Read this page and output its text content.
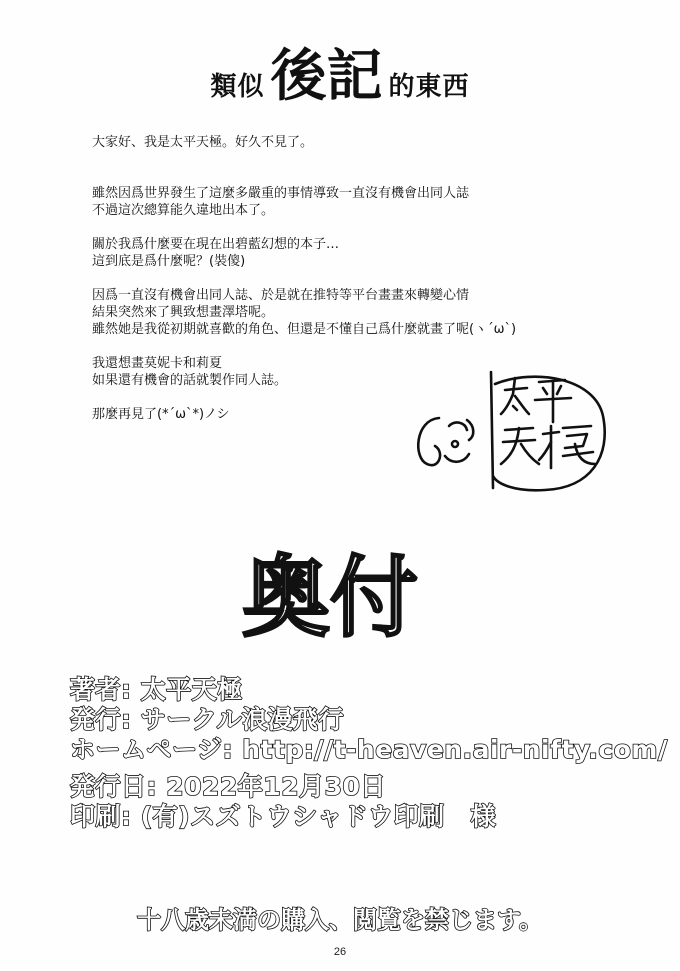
類似 後記 的東西
大家好、我是太平天極。好久不見了。
雖然因爲世界發生了這麼多嚴重的事情導致一直沒有機會出同人誌
不過這次總算能久違地出本了。
關於我爲什麼要在現在出碧藍幻想的本子…
這到底是爲什麼呢？(裝傻)
因爲一直沒有機會出同人誌、於是就在推特等平台畫畫來轉變心情
結果突然來了興致想畫澤塔呢。
雖然她是我從初期就喜歡的角色、但還是不懂自己爲什麼就畫了呢(ヽ´ω`)
我還想畫莫妮卡和莉夏
如果還有機會的話就製作同人誌。
那麼再見了(*´ω`*)ノシ
奥付
著者: 太平天極
発行: サークル浪漫飛行
ホームページ: http://t-heaven.air-nifty.com/
発行日: 2022年12月30日
印刷: (有)スズトウシャドウ印刷 様
十八歳未満の購入、閲覧を禁じます。
26
